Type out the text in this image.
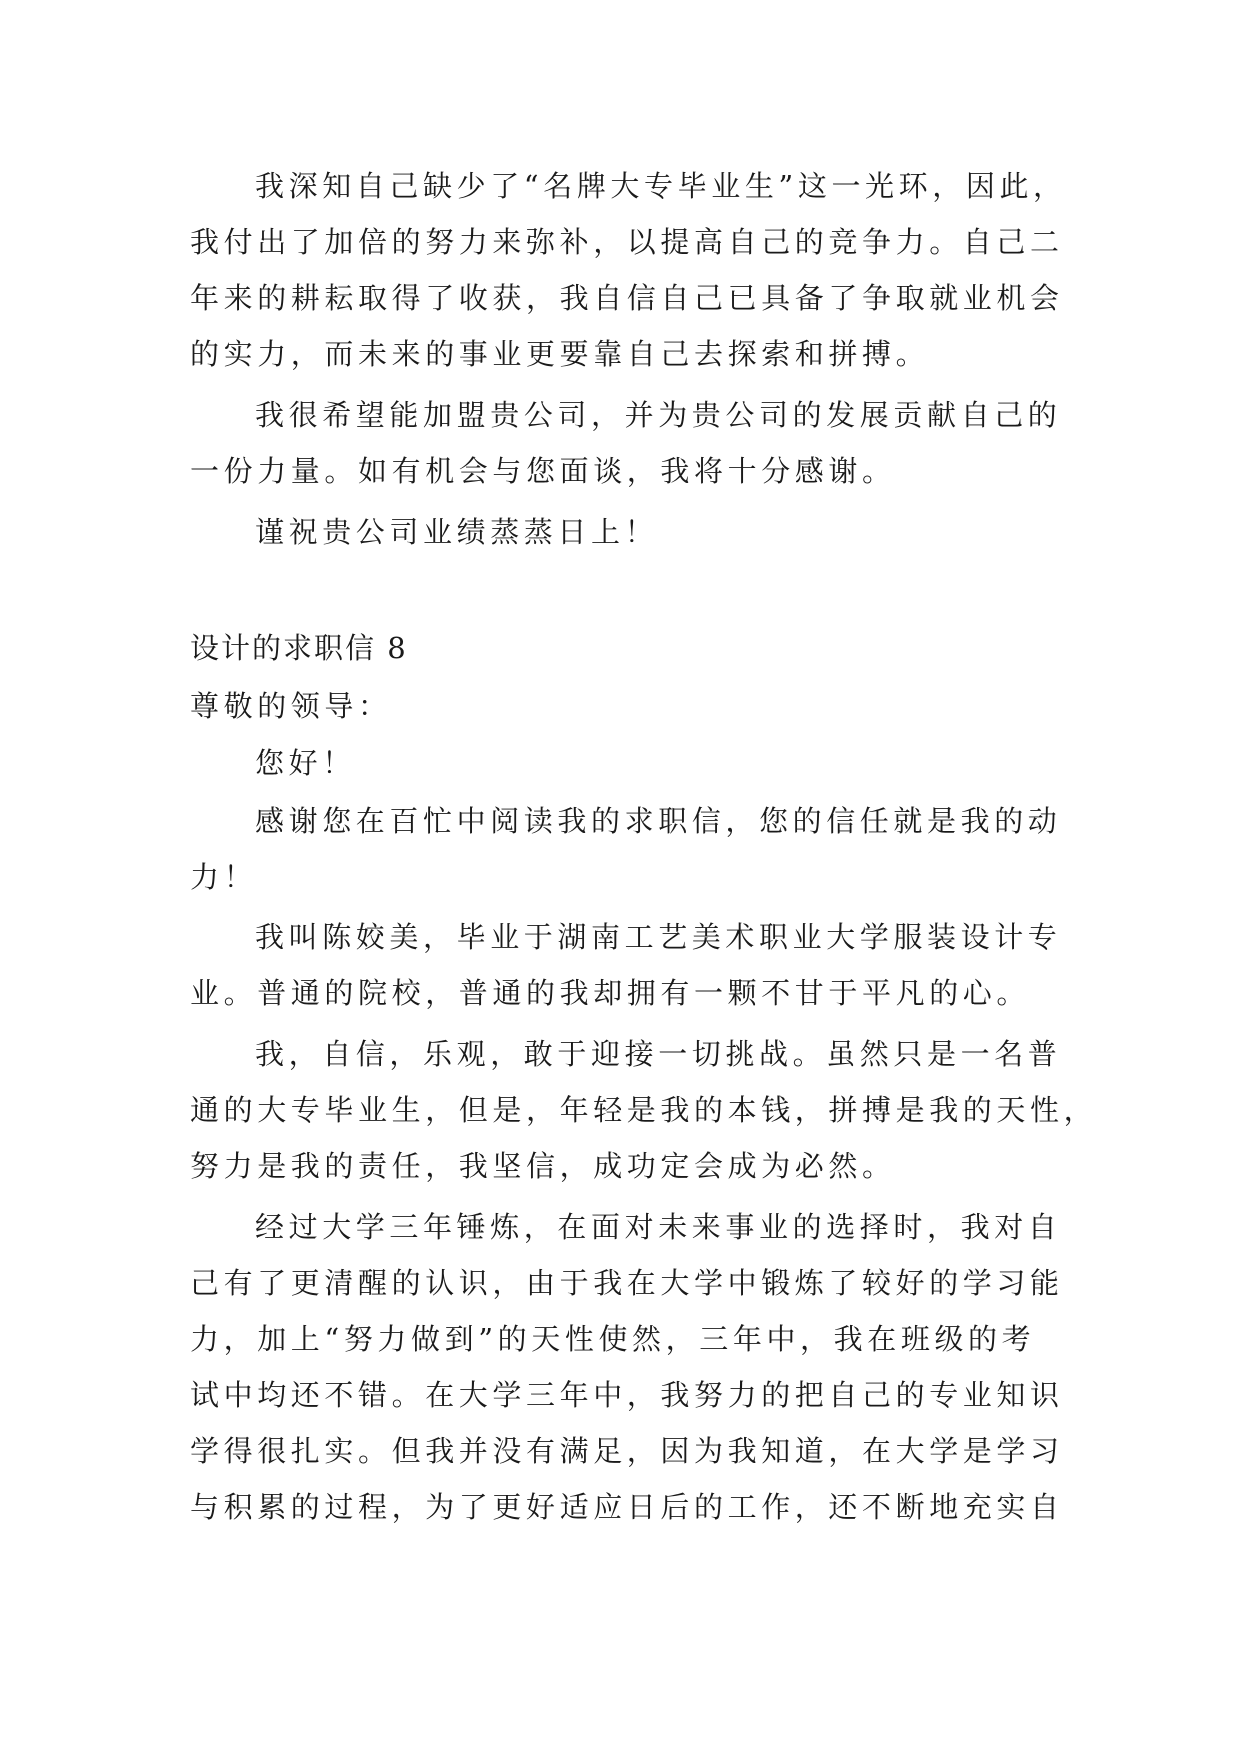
我深知自己缺少了“名牌大专毕业生”这一光环，因此，
我付出了加倍的努力来弥补，以提高自己的竞争力。自己二
年来的耕耘取得了收获，我自信自己已具备了争取就业机会
的实力，而未来的事业更要靠自己去探索和拼搏。
我很希望能加盟贵公司，并为贵公司的发展贡献自己的
一份力量。如有机会与您面谈，我将十分感谢。
谨祝贵公司业绩蒸蒸日上！
设计的求职信 8
尊敬的领导：
您好！
感谢您在百忙中阅读我的求职信，您的信任就是我的动
力！
我叫陈姣美，毕业于湖南工艺美术职业大学服装设计专
业。普通的院校，普通的我却拥有一颗不甘于平凡的心。
我，自信，乐观，敢于迎接一切挑战。虽然只是一名普
通的大专毕业生，但是，年轻是我的本钱，拼搏是我的天性，
努力是我的责任，我坚信，成功定会成为必然。
经过大学三年锤炼，在面对未来事业的选择时，我对自
己有了更清醒的认识，由于我在大学中锻炼了较好的学习能
力，加上“努力做到”的天性使然，三年中，我在班级的考
试中均还不错。在大学三年中，我努力的把自己的专业知识
学得很扎实。但我并没有满足，因为我知道，在大学是学习
与积累的过程，为了更好适应日后的工作，还不断地充实自
